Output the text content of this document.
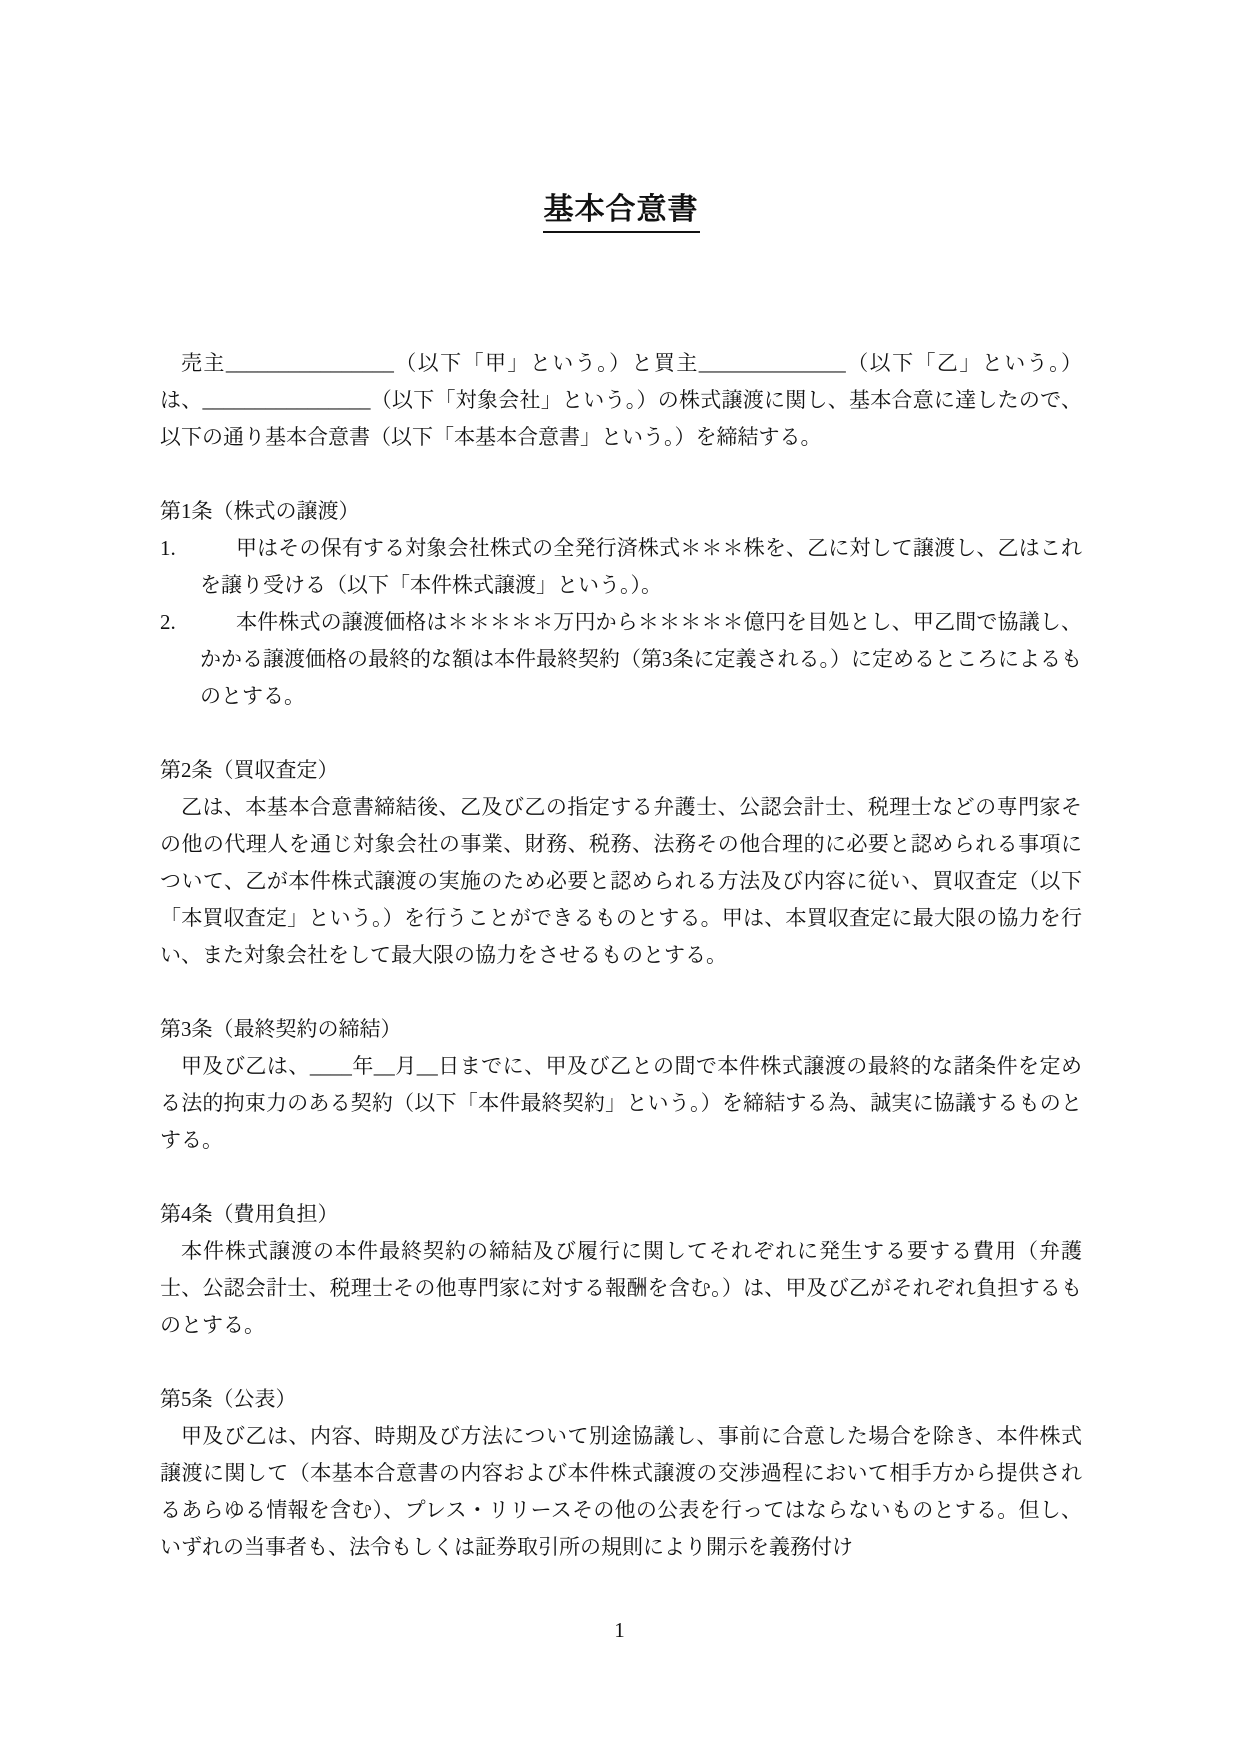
基本合意書

売主________________（以下「甲」という。）と買主______________（以下「乙」という。）は、________________（以下「対象会社」という。）の株式譲渡に関し、基本合意に達したので、以下の通り基本合意書（以下「本基本合意書」という。）を締結する。

第1条（株式の譲渡）
1.	甲はその保有する対象会社株式の全発行済株式＊＊＊株を、乙に対して譲渡し、乙はこれを譲り受ける（以下「本件株式譲渡」という。）。
2.	本件株式の譲渡価格は＊＊＊＊＊万円から＊＊＊＊＊億円を目処とし、甲乙間で協議し、かかる譲渡価格の最終的な額は本件最終契約（第3条に定義される。）に定めるところによるものとする。
第2条（買収査定）

乙は、本基本合意書締結後、乙及び乙の指定する弁護士、公認会計士、税理士などの専門家その他の代理人を通じ対象会社の事業、財務、税務、法務その他合理的に必要と認められる事項について、乙が本件株式譲渡の実施のため必要と認められる方法及び内容に従い、買収査定（以下「本買収査定」という。）を行うことができるものとする。甲は、本買収査定に最大限の協力を行い、また対象会社をして最大限の協力をさせるものとする。

第3条（最終契約の締結）

甲及び乙は、____年__月__日までに、甲及び乙との間で本件株式譲渡の最終的な諸条件を定める法的拘束力のある契約（以下「本件最終契約」という。）を締結する為、誠実に協議するものとする。

第4条（費用負担）

本件株式譲渡の本件最終契約の締結及び履行に関してそれぞれに発生する要する費用（弁護士、公認会計士、税理士その他専門家に対する報酬を含む。）は、甲及び乙がそれぞれ負担するものとする。

第5条（公表）

甲及び乙は、内容、時期及び方法について別途協議し、事前に合意した場合を除き、本件株式譲渡に関して（本基本合意書の内容および本件株式譲渡の交渉過程において相手方から提供されるあらゆる情報を含む）、プレス・リリースその他の公表を行ってはならないものとする。但し、いずれの当事者も、法令もしくは証券取引所の規則により開示を義務付け

1
